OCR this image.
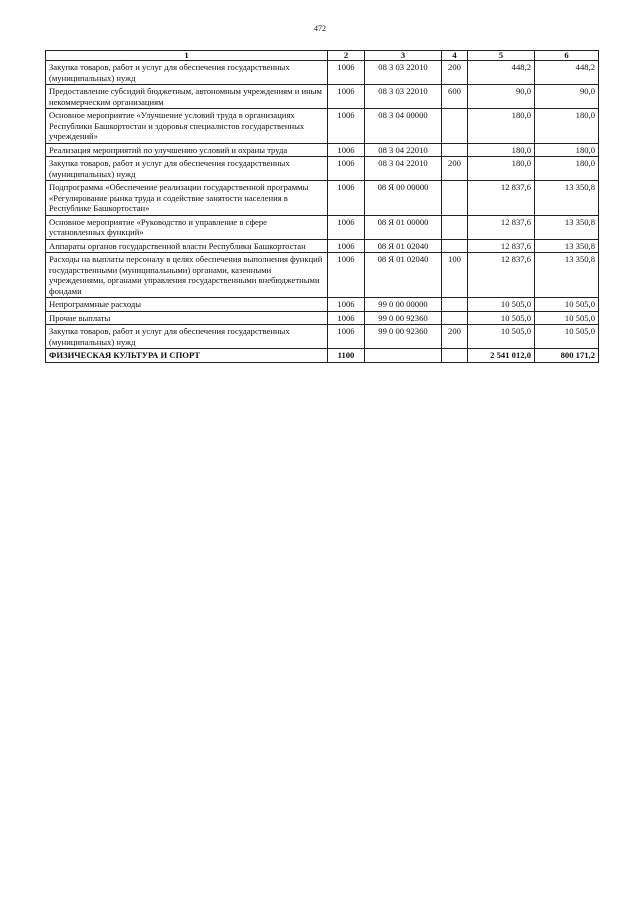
472
1	2	3	4	5	6
Закупка товаров, работ и услуг для обеспечения государственных (муниципальных) нужд	1006	08 3 03 22010	200	448,2	448,2
Предоставление субсидий бюджетным, автономным учреждениям и иным некоммерческим организациям	1006	08 3 03 22010	600	90,0	90,0
Основное мероприятие «Улучшение условий труда в организациях Республики Башкортостан и здоровья специалистов государственных учреждений»	1006	08 3 04 00000		180,0	180,0
Реализация мероприятий по улучшению условий и охраны труда	1006	08 3 04 22010		180,0	180,0
Закупка товаров, работ и услуг для обеспечения государственных (муниципальных) нужд	1006	08 3 04 22010	200	180,0	180,0
Подпрограмма «Обеспечение реализации государственной программы «Регулирование рынка труда и содействие занятости населения в Республике Башкортостан»	1006	08 Я 00 00000		12 837,6	13 350,8
Основное мероприятие «Руководство и управление в сфере установленных функций»	1006	08 Я 01 00000		12 837,6	13 350,8
Аппараты органов государственной власти Республики Башкортостан	1006	08 Я 01 02040		12 837,6	13 350,8
Расходы на выплаты персоналу в целях обеспечения выполнения функций государственными (муниципальными) органами, казенными учреждениями, органами управления государственными внебюджетными фондами	1006	08 Я 01 02040	100	12 837,6	13 350,8
Непрограммные расходы	1006	99 0 00 00000		10 505,0	10 505,0
Прочие выплаты	1006	99 0 00 92360		10 505,0	10 505,0
Закупка товаров, работ и услуг для обеспечения государственных (муниципальных) нужд	1006	99 0 00 92360	200	10 505,0	10 505,0
ФИЗИЧЕСКАЯ КУЛЬТУРА И СПОРТ	1100			2 541 012,0	800 171,2
